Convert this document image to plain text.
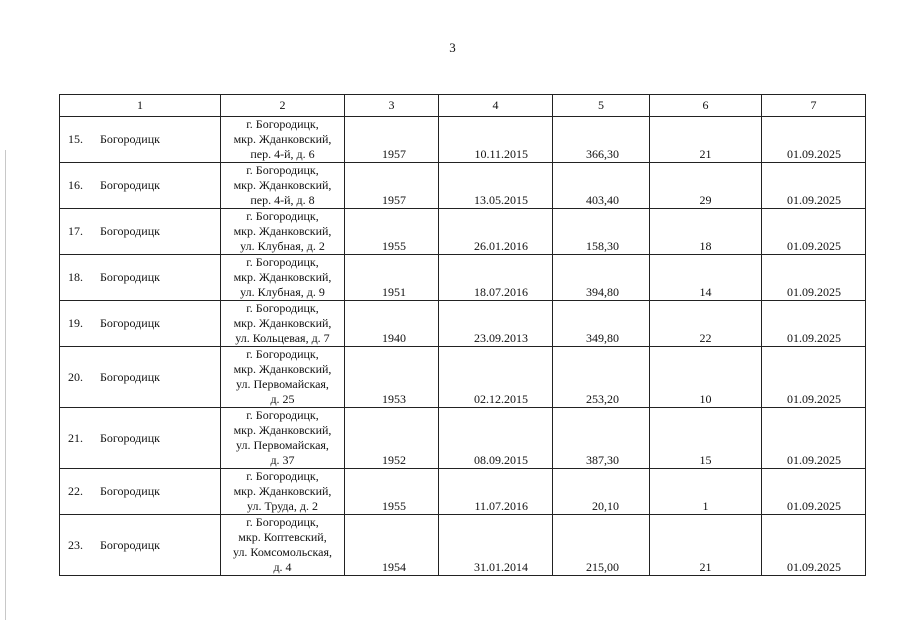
3
1	2	3	4	5	6	7
15. Богородицк	г. Богородицк,
мкр. Жданковский,
пер. 4-й, д. 6	1957	10.11.2015	366,30	21	01.09.2025
16. Богородицк	г. Богородицк,
мкр. Жданковский,
пер. 4-й, д. 8	1957	13.05.2015	403,40	29	01.09.2025
17. Богородицк	г. Богородицк,
мкр. Жданковский,
ул. Клубная, д. 2	1955	26.01.2016	158,30	18	01.09.2025
18. Богородицк	г. Богородицк,
мкр. Жданковский,
ул. Клубная, д. 9	1951	18.07.2016	394,80	14	01.09.2025
19. Богородицк	г. Богородицк,
мкр. Жданковский,
ул. Кольцевая, д. 7	1940	23.09.2013	349,80	22	01.09.2025
20. Богородицк	г. Богородицк,
мкр. Жданковский,
ул. Первомайская,
д. 25	1953	02.12.2015	253,20	10	01.09.2025
21. Богородицк	г. Богородицк,
мкр. Жданковский,
ул. Первомайская,
д. 37	1952	08.09.2015	387,30	15	01.09.2025
22. Богородицк	г. Богородицк,
мкр. Жданковский,
ул. Труда, д. 2	1955	11.07.2016	20,10	1	01.09.2025
23. Богородицк	г. Богородицк,
мкр. Коптевский,
ул. Комсомольская,
д. 4	1954	31.01.2014	215,00	21	01.09.2025
